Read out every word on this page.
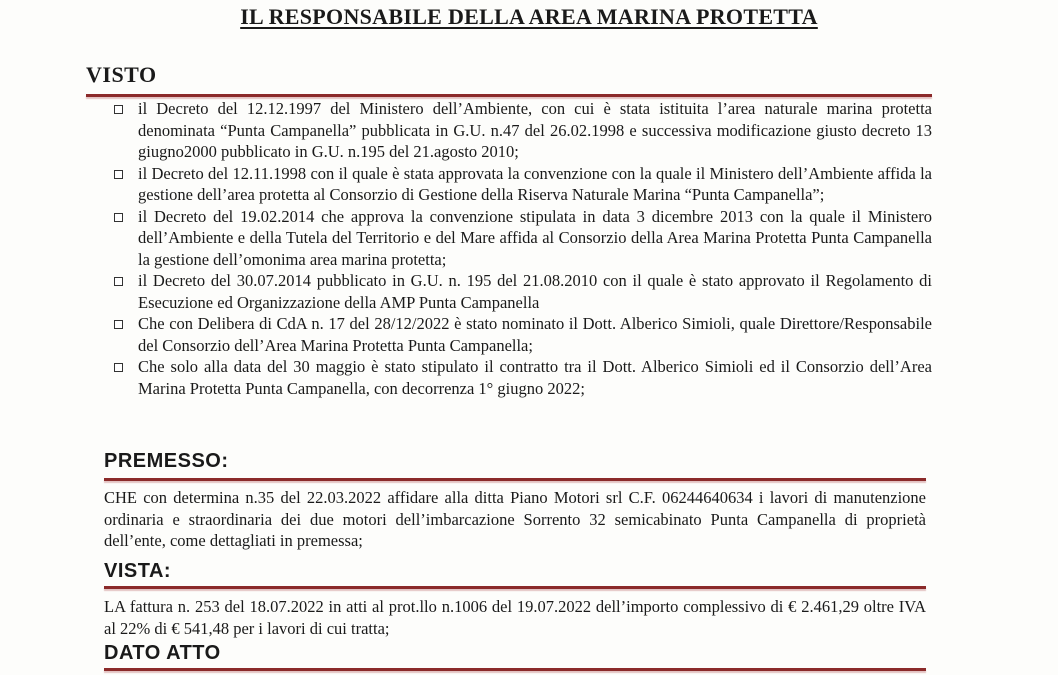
IL RESPONSABILE DELLA AREA MARINA PROTETTA
VISTO
il Decreto del 12.12.1997 del Ministero dell’Ambiente, con cui è stata istituita l’area naturale marina protetta denominata “Punta Campanella” pubblicata in G.U. n.47 del 26.02.1998 e successiva modificazione giusto decreto 13 giugno2000 pubblicato in G.U. n.195 del 21.agosto 2010;
il Decreto del 12.11.1998 con il quale è stata approvata la convenzione con la quale il Ministero dell’Ambiente affida la gestione dell’area protetta al Consorzio di Gestione della Riserva Naturale Marina “Punta Campanella”;
il Decreto del 19.02.2014 che approva la convenzione stipulata in data 3 dicembre 2013 con la quale il Ministero dell’Ambiente e della Tutela del Territorio e del Mare affida al Consorzio della Area Marina Protetta Punta Campanella la gestione dell’omonima area marina protetta;
il Decreto del 30.07.2014 pubblicato in G.U. n. 195 del 21.08.2010 con il quale è stato approvato il Regolamento di Esecuzione ed Organizzazione della AMP Punta Campanella
Che con Delibera di CdA n. 17 del 28/12/2022 è stato nominato il Dott. Alberico Simioli, quale Direttore/Responsabile del Consorzio dell’Area Marina Protetta Punta Campanella;
Che solo alla data del 30 maggio è stato stipulato il contratto tra il Dott. Alberico Simioli ed il Consorzio dell’Area Marina Protetta Punta Campanella, con decorrenza 1° giugno 2022;
PREMESSO:
CHE con determina n.35 del 22.03.2022 affidare alla ditta Piano Motori srl C.F. 06244640634 i lavori di manutenzione ordinaria e straordinaria dei due motori dell’imbarcazione Sorrento 32 semicabinato Punta Campanella di proprietà dell’ente, come dettagliati in premessa;
VISTA:
LA fattura n. 253 del 18.07.2022 in atti al prot.llo n.1006 del 19.07.2022 dell’importo complessivo di € 2.461,29 oltre IVA al 22% di € 541,48 per i lavori di cui tratta;
DATO ATTO
